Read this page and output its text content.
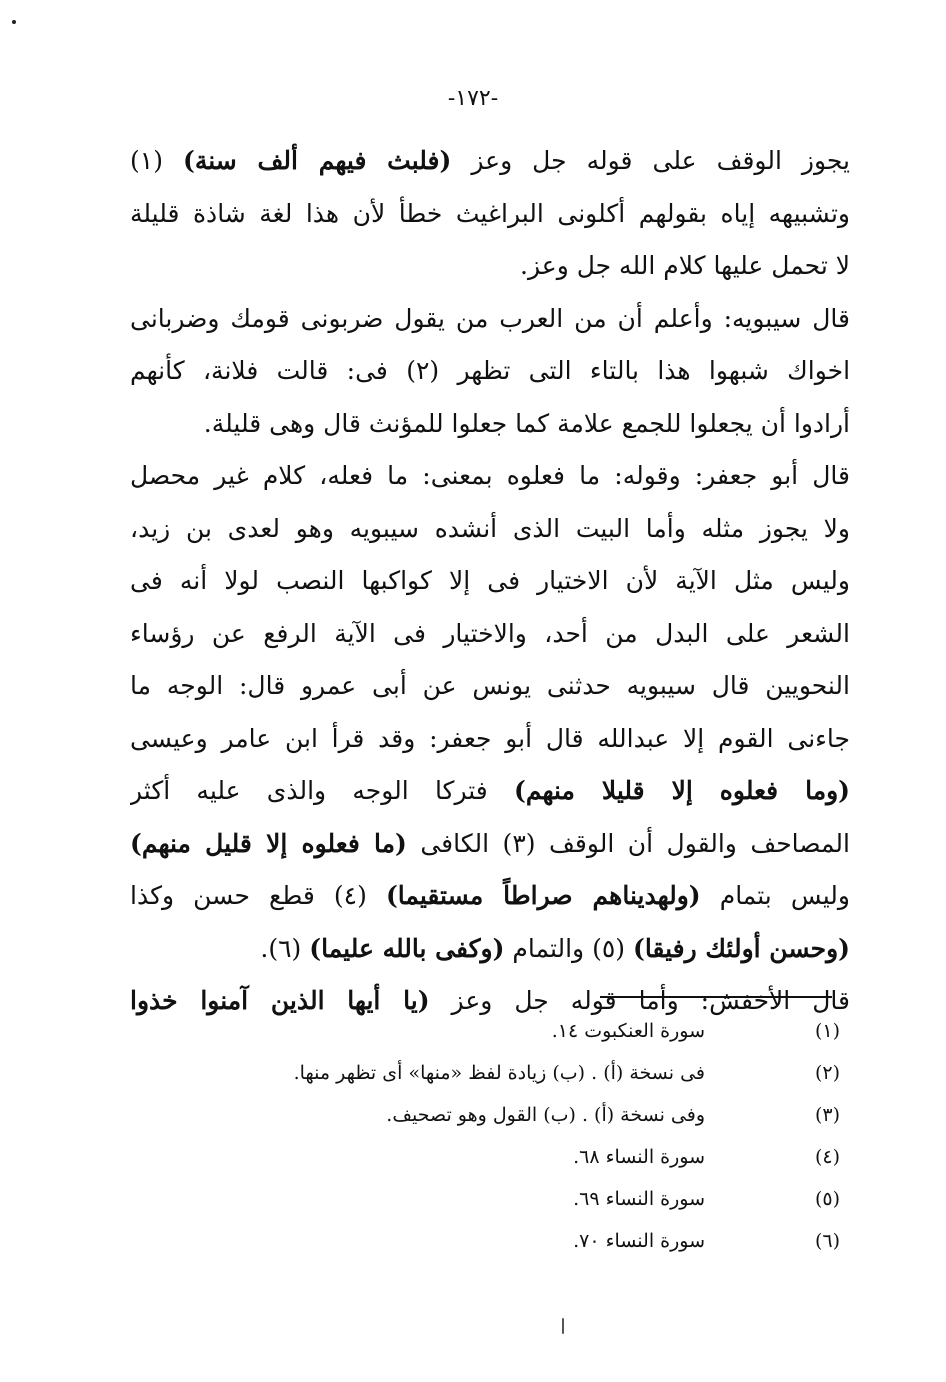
-١٧٢-
يجوز الوقف على قوله جل وعز (فلبث فيهم ألف سنة) (١)
وتشبيهه إياه بقولهم أكلونى البراغيث خطأ لأن هذا لغة شاذة قليلة
لا تحمل عليها كلام الله جل وعز.
قال سيبويه: وأعلم أن من العرب من يقول ضربونى قومك وضربانى
اخواك شبهوا هذا بالتاء التى تظهر (٢) فى: قالت فلانة، كأنهم
أرادوا أن يجعلوا للجمع علامة كما جعلوا للمؤنث قال وهى قليلة.
قال أبو جعفر: وقوله: ما فعلوه بمعنى: ما فعله، كلام غير محصل
ولا يجوز مثله وأما البيت الذى أنشده سيبويه وهو لعدى بن زيد،
وليس مثل الآية لأن الاختيار فى إلا كواكبها النصب لولا أنه فى
الشعر على البدل من أحد، والاختيار فى الآية الرفع عن رؤساء
النحويين قال سيبويه حدثنى يونس عن أبى عمرو قال: الوجه ما
جاءنى القوم إلا عبدالله قال أبو جعفر: وقد قرأ ابن عامر وعيسى
(وما فعلوه إلا قليلا منهم) فتركا الوجه والذى عليه أكثر
المصاحف والقول أن الوقف (٣) الكافى (ما فعلوه إلا قليل منهم)
وليس بتمام (ولهديناهم صراطاً مستقيما) (٤) قطع حسن وكذا
(وحسن أولئك رفيقا) (٥) والتمام (وكفى بالله عليما) (٦).
قال الأخفش: وأما قوله جل وعز (يا أيها الذين آمنوا خذوا
(١)سورة العنكبوت ١٤.
(٢)فى نسخة (أ) . (ب) زيادة لفظ «منها» أى تظهر منها.
(٣)وفى نسخة (أ) . (ب) القول وهو تصحيف.
(٤)سورة النساء ٦٨.
(٥)سورة النساء ٦٩.
(٦)سورة النساء ٧٠.
